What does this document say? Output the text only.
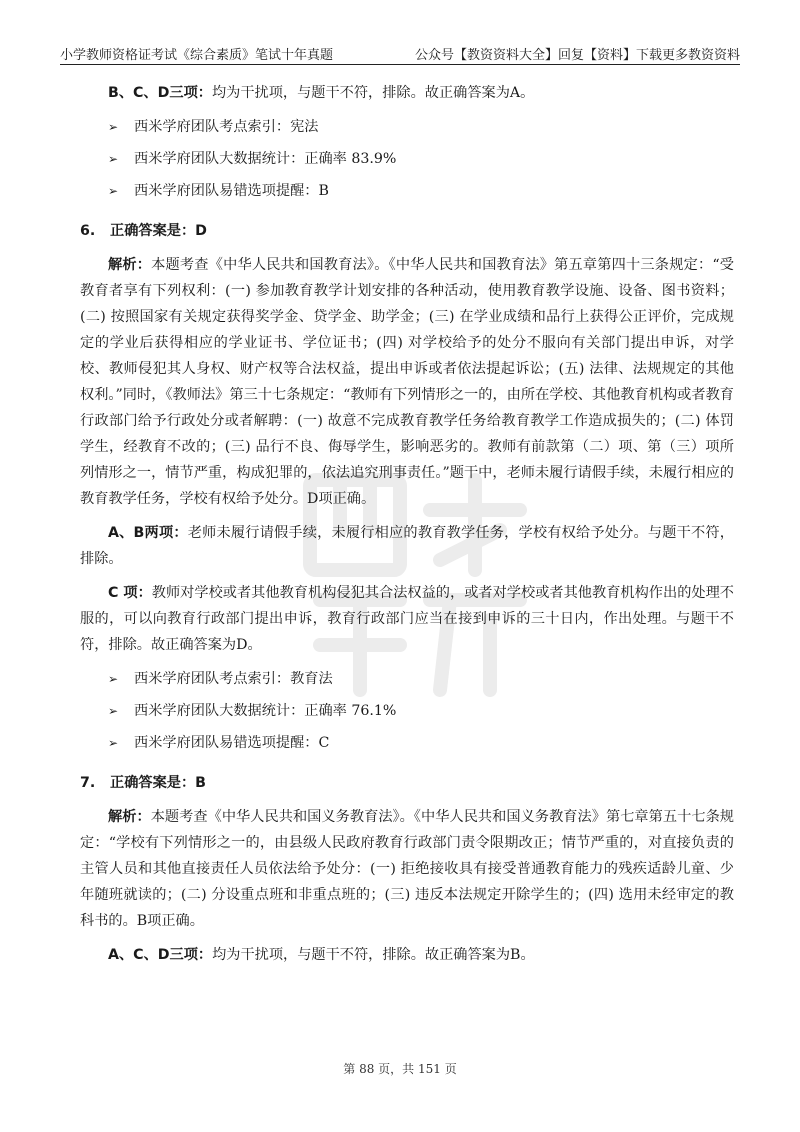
小学教师资格证考试《综合素质》笔试十年真题	公众号【教资资料大全】回复【资料】下载更多教资资料
西米学府

B、C、D三项：均为干扰项，与题干不符，排除。故正确答案为A。

➢	西米学府团队考点索引：宪法
➢	西米学府团队大数据统计：正确率 83.9%
➢	西米学府团队易错选项提醒：B
6.	正确答案是：D

解析：本题考查《中华人民共和国教育法》。《中华人民共和国教育法》第五章第四十三条规定：“受教育者享有下列权利：(一) 参加教育教学计划安排的各种活动，使用教育教学设施、设备、图书资料；(二) 按照国家有关规定获得奖学金、贷学金、助学金；(三) 在学业成绩和品行上获得公正评价，完成规定的学业后获得相应的学业证书、学位证书；(四) 对学校给予的处分不服向有关部门提出申诉，对学校、教师侵犯其人身权、财产权等合法权益，提出申诉或者依法提起诉讼；(五) 法律、法规规定的其他权利。”同时，《教师法》第三十七条规定：“教师有下列情形之一的，由所在学校、其他教育机构或者教育行政部门给予行政处分或者解聘：(一) 故意不完成教育教学任务给教育教学工作造成损失的；(二) 体罚学生，经教育不改的；(三) 品行不良、侮辱学生，影响恶劣的。教师有前款第（二）项、第（三）项所列情形之一，情节严重，构成犯罪的，依法追究刑事责任。”题干中，老师未履行请假手续，未履行相应的教育教学任务，学校有权给予处分。D项正确。

A、B两项：老师未履行请假手续，未履行相应的教育教学任务，学校有权给予处分。与题干不符，排除。

C 项：教师对学校或者其他教育机构侵犯其合法权益的，或者对学校或者其他教育机构作出的处理不服的，可以向教育行政部门提出申诉，教育行政部门应当在接到申诉的三十日内，作出处理。与题干不符，排除。故正确答案为D。

➢	西米学府团队考点索引：教育法
➢	西米学府团队大数据统计：正确率 76.1%
➢	西米学府团队易错选项提醒：C
7.	正确答案是：B

解析：本题考查《中华人民共和国义务教育法》。《中华人民共和国义务教育法》第七章第五十七条规定：“学校有下列情形之一的，由县级人民政府教育行政部门责令限期改正；情节严重的，对直接负责的主管人员和其他直接责任人员依法给予处分：(一) 拒绝接收具有接受普通教育能力的残疾适龄儿童、少年随班就读的；(二) 分设重点班和非重点班的；(三) 违反本法规定开除学生的；(四) 选用未经审定的教科书的。B项正确。

A、C、D三项：均为干扰项，与题干不符，排除。故正确答案为B。

第 88 页，共 151 页
